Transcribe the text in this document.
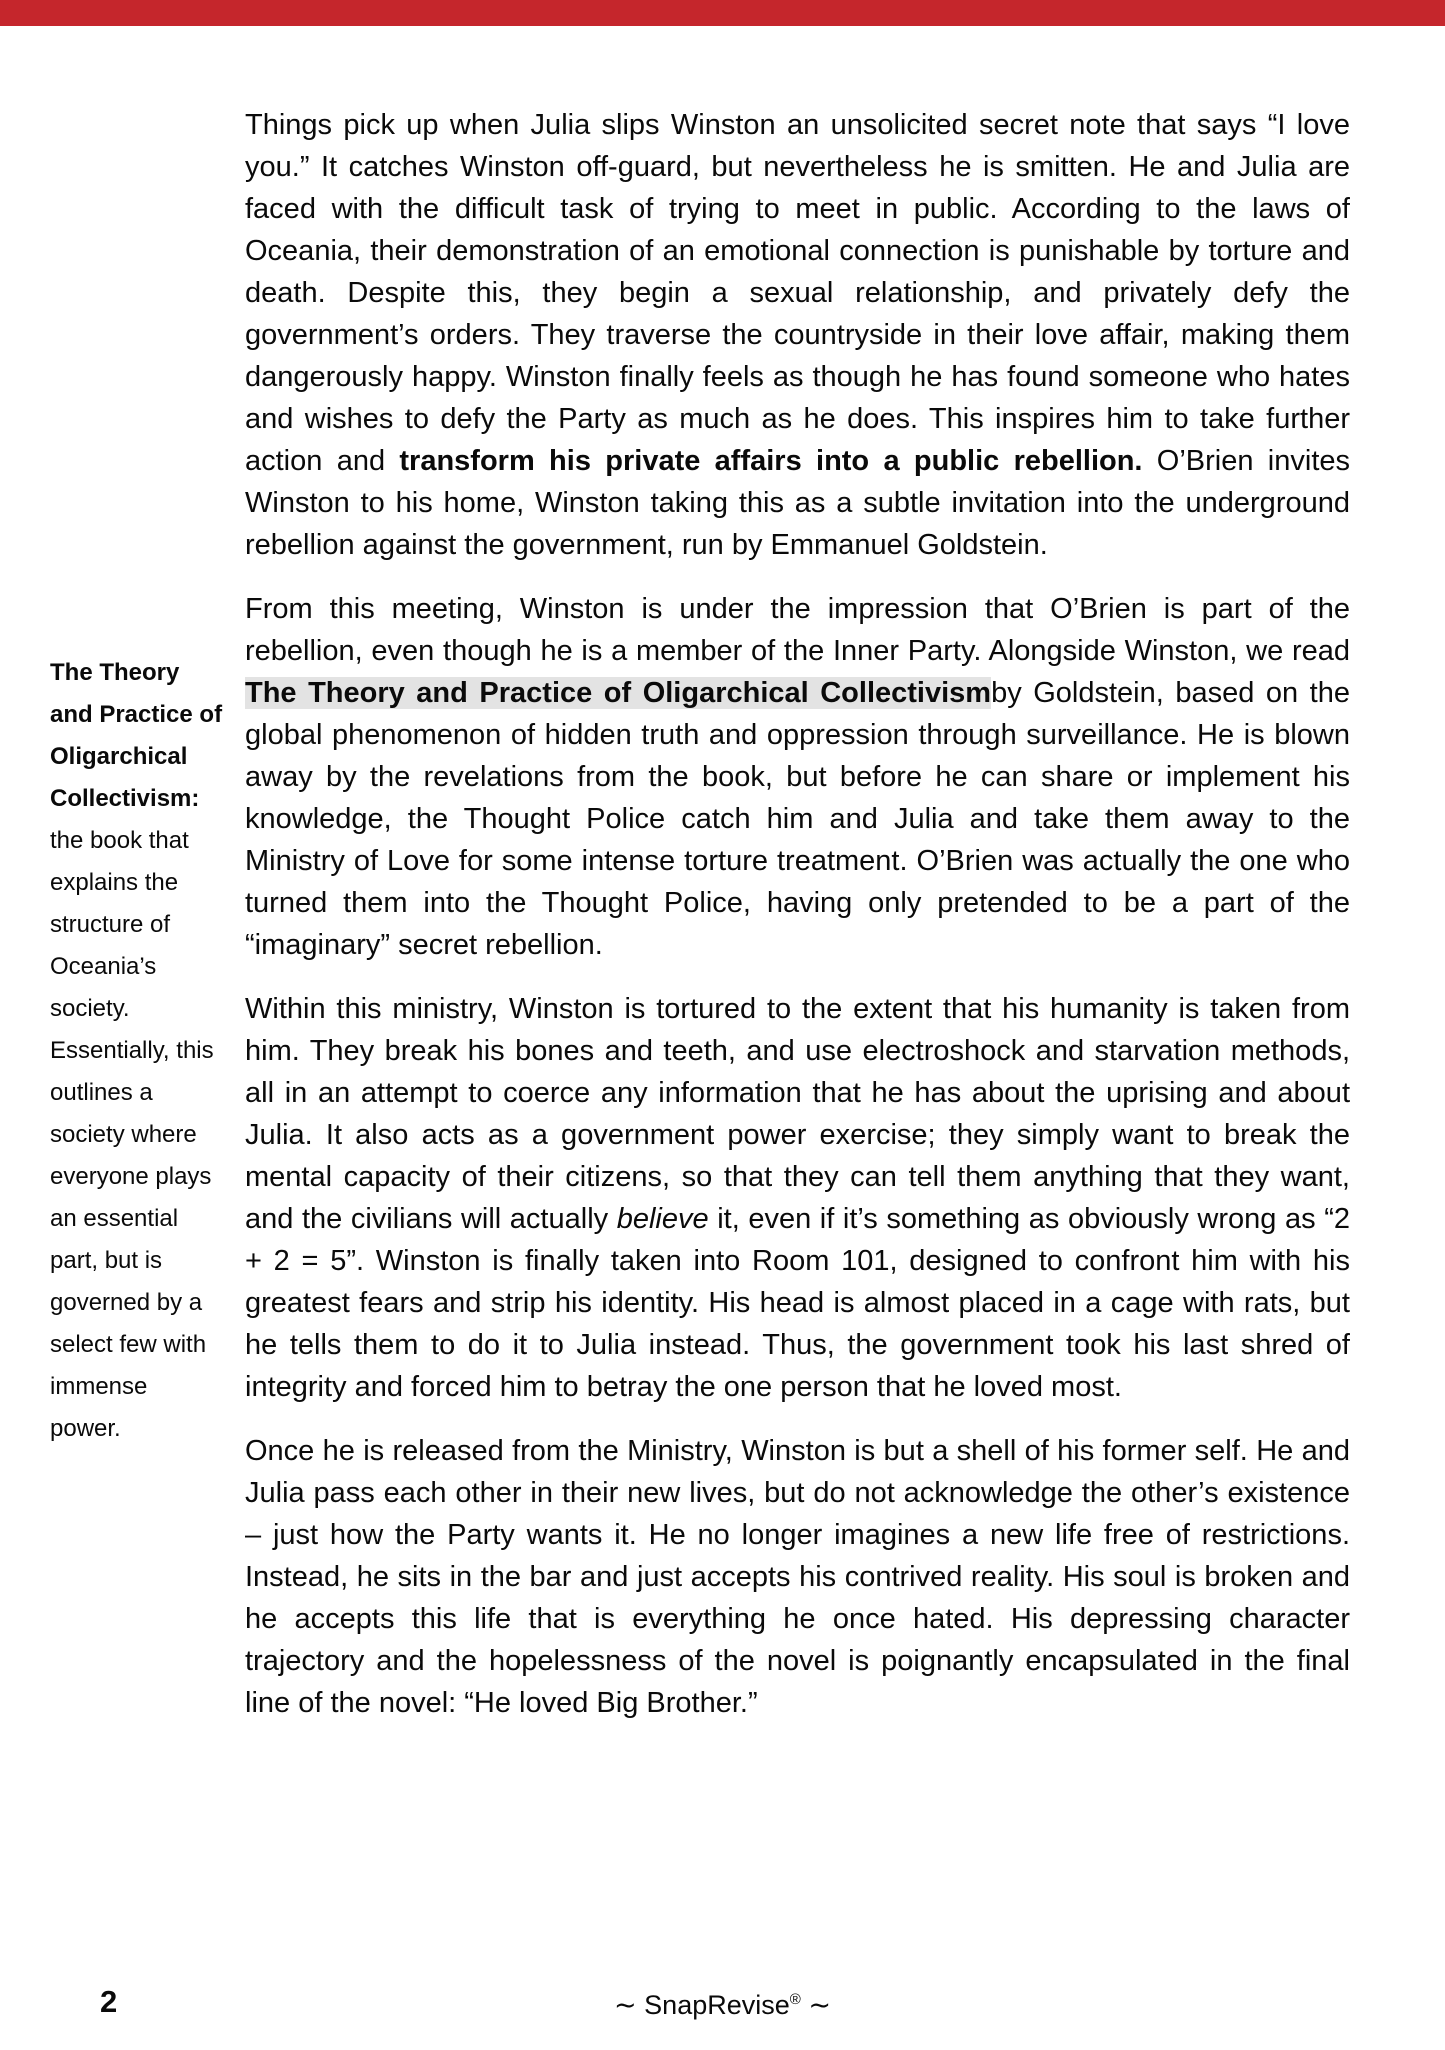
The Theory and Practice of Oligarchical Collectivism: the book that explains the structure of Oceania’s society. Essentially, this outlines a society where everyone plays an essential part, but is governed by a select few with immense power.

Things pick up when Julia slips Winston an unsolicited secret note that says “I love you.” It catches Winston off-guard, but nevertheless he is smitten. He and Julia are faced with the difficult task of trying to meet in public. According to the laws of Oceania, their demonstration of an emotional connection is punishable by torture and death. Despite this, they begin a sexual relationship, and privately defy the government’s orders. They traverse the countryside in their love affair, making them dangerously happy. Winston finally feels as though he has found someone who hates and wishes to defy the Party as much as he does. This inspires him to take further action and transform his private affairs into a public rebellion. O’Brien invites Winston to his home, Winston taking this as a subtle invitation into the underground rebellion against the government, run by Emmanuel Goldstein.

From this meeting, Winston is under the impression that O’Brien is part of the rebellion, even though he is a member of the Inner Party. Alongside Winston, we read The Theory and Practice of Oligarchical Collectivismby Goldstein, based on the global phenomenon of hidden truth and oppression through surveillance. He is blown away by the revelations from the book, but before he can share or implement his knowledge, the Thought Police catch him and Julia and take them away to the Ministry of Love for some intense torture treatment. O’Brien was actually the one who turned them into the Thought Police, having only pretended to be a part of the “imaginary” secret rebellion.

Within this ministry, Winston is tortured to the extent that his humanity is taken from him. They break his bones and teeth, and use electroshock and starvation methods, all in an attempt to coerce any information that he has about the uprising and about Julia. It also acts as a government power exercise; they simply want to break the mental capacity of their citizens, so that they can tell them anything that they want, and the civilians will actually believe it, even if it’s something as obviously wrong as “2 + 2 = 5”. Winston is finally taken into Room 101, designed to confront him with his greatest fears and strip his identity. His head is almost placed in a cage with rats, but he tells them to do it to Julia instead. Thus, the government took his last shred of integrity and forced him to betray the one person that he loved most.

Once he is released from the Ministry, Winston is but a shell of his former self. He and Julia pass each other in their new lives, but do not acknowledge the other’s existence – just how the Party wants it. He no longer imagines a new life free of restrictions. Instead, he sits in the bar and just accepts his contrived reality. His soul is broken and he accepts this life that is everything he once hated. His depressing character trajectory and the hopelessness of the novel is poignantly encapsulated in the final line of the novel: “He loved Big Brother.”

2	∼ SnapRevise® ∼
